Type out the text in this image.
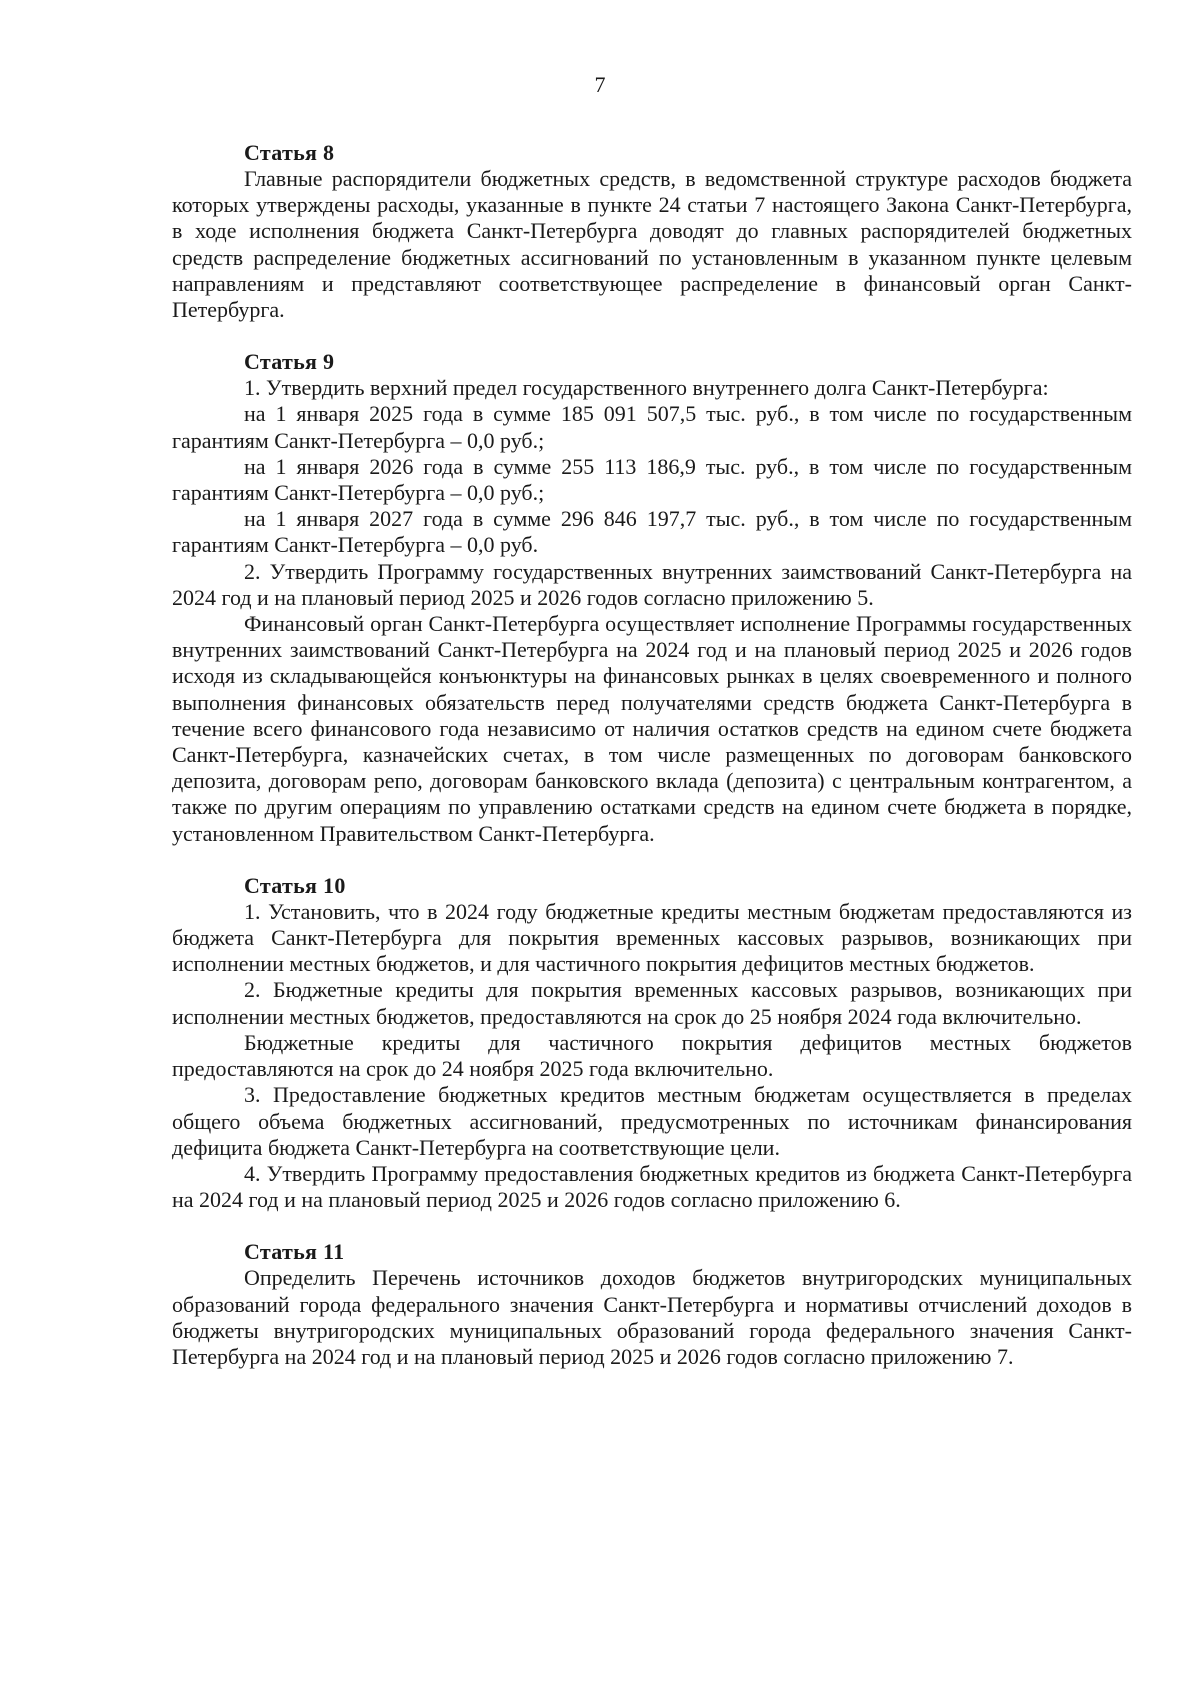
7
Статья 8

Главные распорядители бюджетных средств, в ведомственной структуре расходов бюджета которых утверждены расходы, указанные в пункте 24 статьи 7 настоящего Закона Санкт-Петербурга, в ходе исполнения бюджета Санкт-Петербурга доводят до главных распорядителей бюджетных средств распределение бюджетных ассигнований по установленным в указанном пункте целевым направлениям и представляют соответствующее распределение в финансовый орган Санкт-Петербурга.

Статья 9

1. Утвердить верхний предел государственного внутреннего долга Санкт-Петербурга:

на 1 января 2025 года в сумме 185 091 507,5 тыс. руб., в том числе по государственным гарантиям Санкт-Петербурга – 0,0 руб.;

на 1 января 2026 года в сумме 255 113 186,9 тыс. руб., в том числе по государственным гарантиям Санкт-Петербурга – 0,0 руб.;

на 1 января 2027 года в сумме 296 846 197,7 тыс. руб., в том числе по государственным гарантиям Санкт-Петербурга – 0,0 руб.

2. Утвердить Программу государственных внутренних заимствований Санкт-Петербурга на 2024 год и на плановый период 2025 и 2026 годов согласно приложению 5.

Финансовый орган Санкт-Петербурга осуществляет исполнение Программы государственных внутренних заимствований Санкт-Петербурга на 2024 год и на плановый период 2025 и 2026 годов исходя из складывающейся конъюнктуры на финансовых рынках в целях своевременного и полного выполнения финансовых обязательств перед получателями средств бюджета Санкт-Петербурга в течение всего финансового года независимо от наличия остатков средств на едином счете бюджета Санкт-Петербурга, казначейских счетах, в том числе размещенных по договорам банковского депозита, договорам репо, договорам банковского вклада (депозита) с центральным контрагентом, а также по другим операциям по управлению остатками средств на едином счете бюджета в порядке, установленном Правительством Санкт-Петербурга.

Статья 10

1. Установить, что в 2024 году бюджетные кредиты местным бюджетам предоставляются из бюджета Санкт-Петербурга для покрытия временных кассовых разрывов, возникающих при исполнении местных бюджетов, и для частичного покрытия дефицитов местных бюджетов.

2. Бюджетные кредиты для покрытия временных кассовых разрывов, возникающих при исполнении местных бюджетов, предоставляются на срок до 25 ноября 2024 года включительно.

Бюджетные кредиты для частичного покрытия дефицитов местных бюджетов предоставляются на срок до 24 ноября 2025 года включительно.

3. Предоставление бюджетных кредитов местным бюджетам осуществляется в пределах общего объема бюджетных ассигнований, предусмотренных по источникам финансирования дефицита бюджета Санкт-Петербурга на соответствующие цели.

4. Утвердить Программу предоставления бюджетных кредитов из бюджета Санкт-Петербурга на 2024 год и на плановый период 2025 и 2026 годов согласно приложению 6.

Статья 11

Определить Перечень источников доходов бюджетов внутригородских муниципальных образований города федерального значения Санкт-Петербурга и нормативы отчислений доходов в бюджеты внутригородских муниципальных образований города федерального значения Санкт-Петербурга на 2024 год и на плановый период 2025 и 2026 годов согласно приложению 7.
